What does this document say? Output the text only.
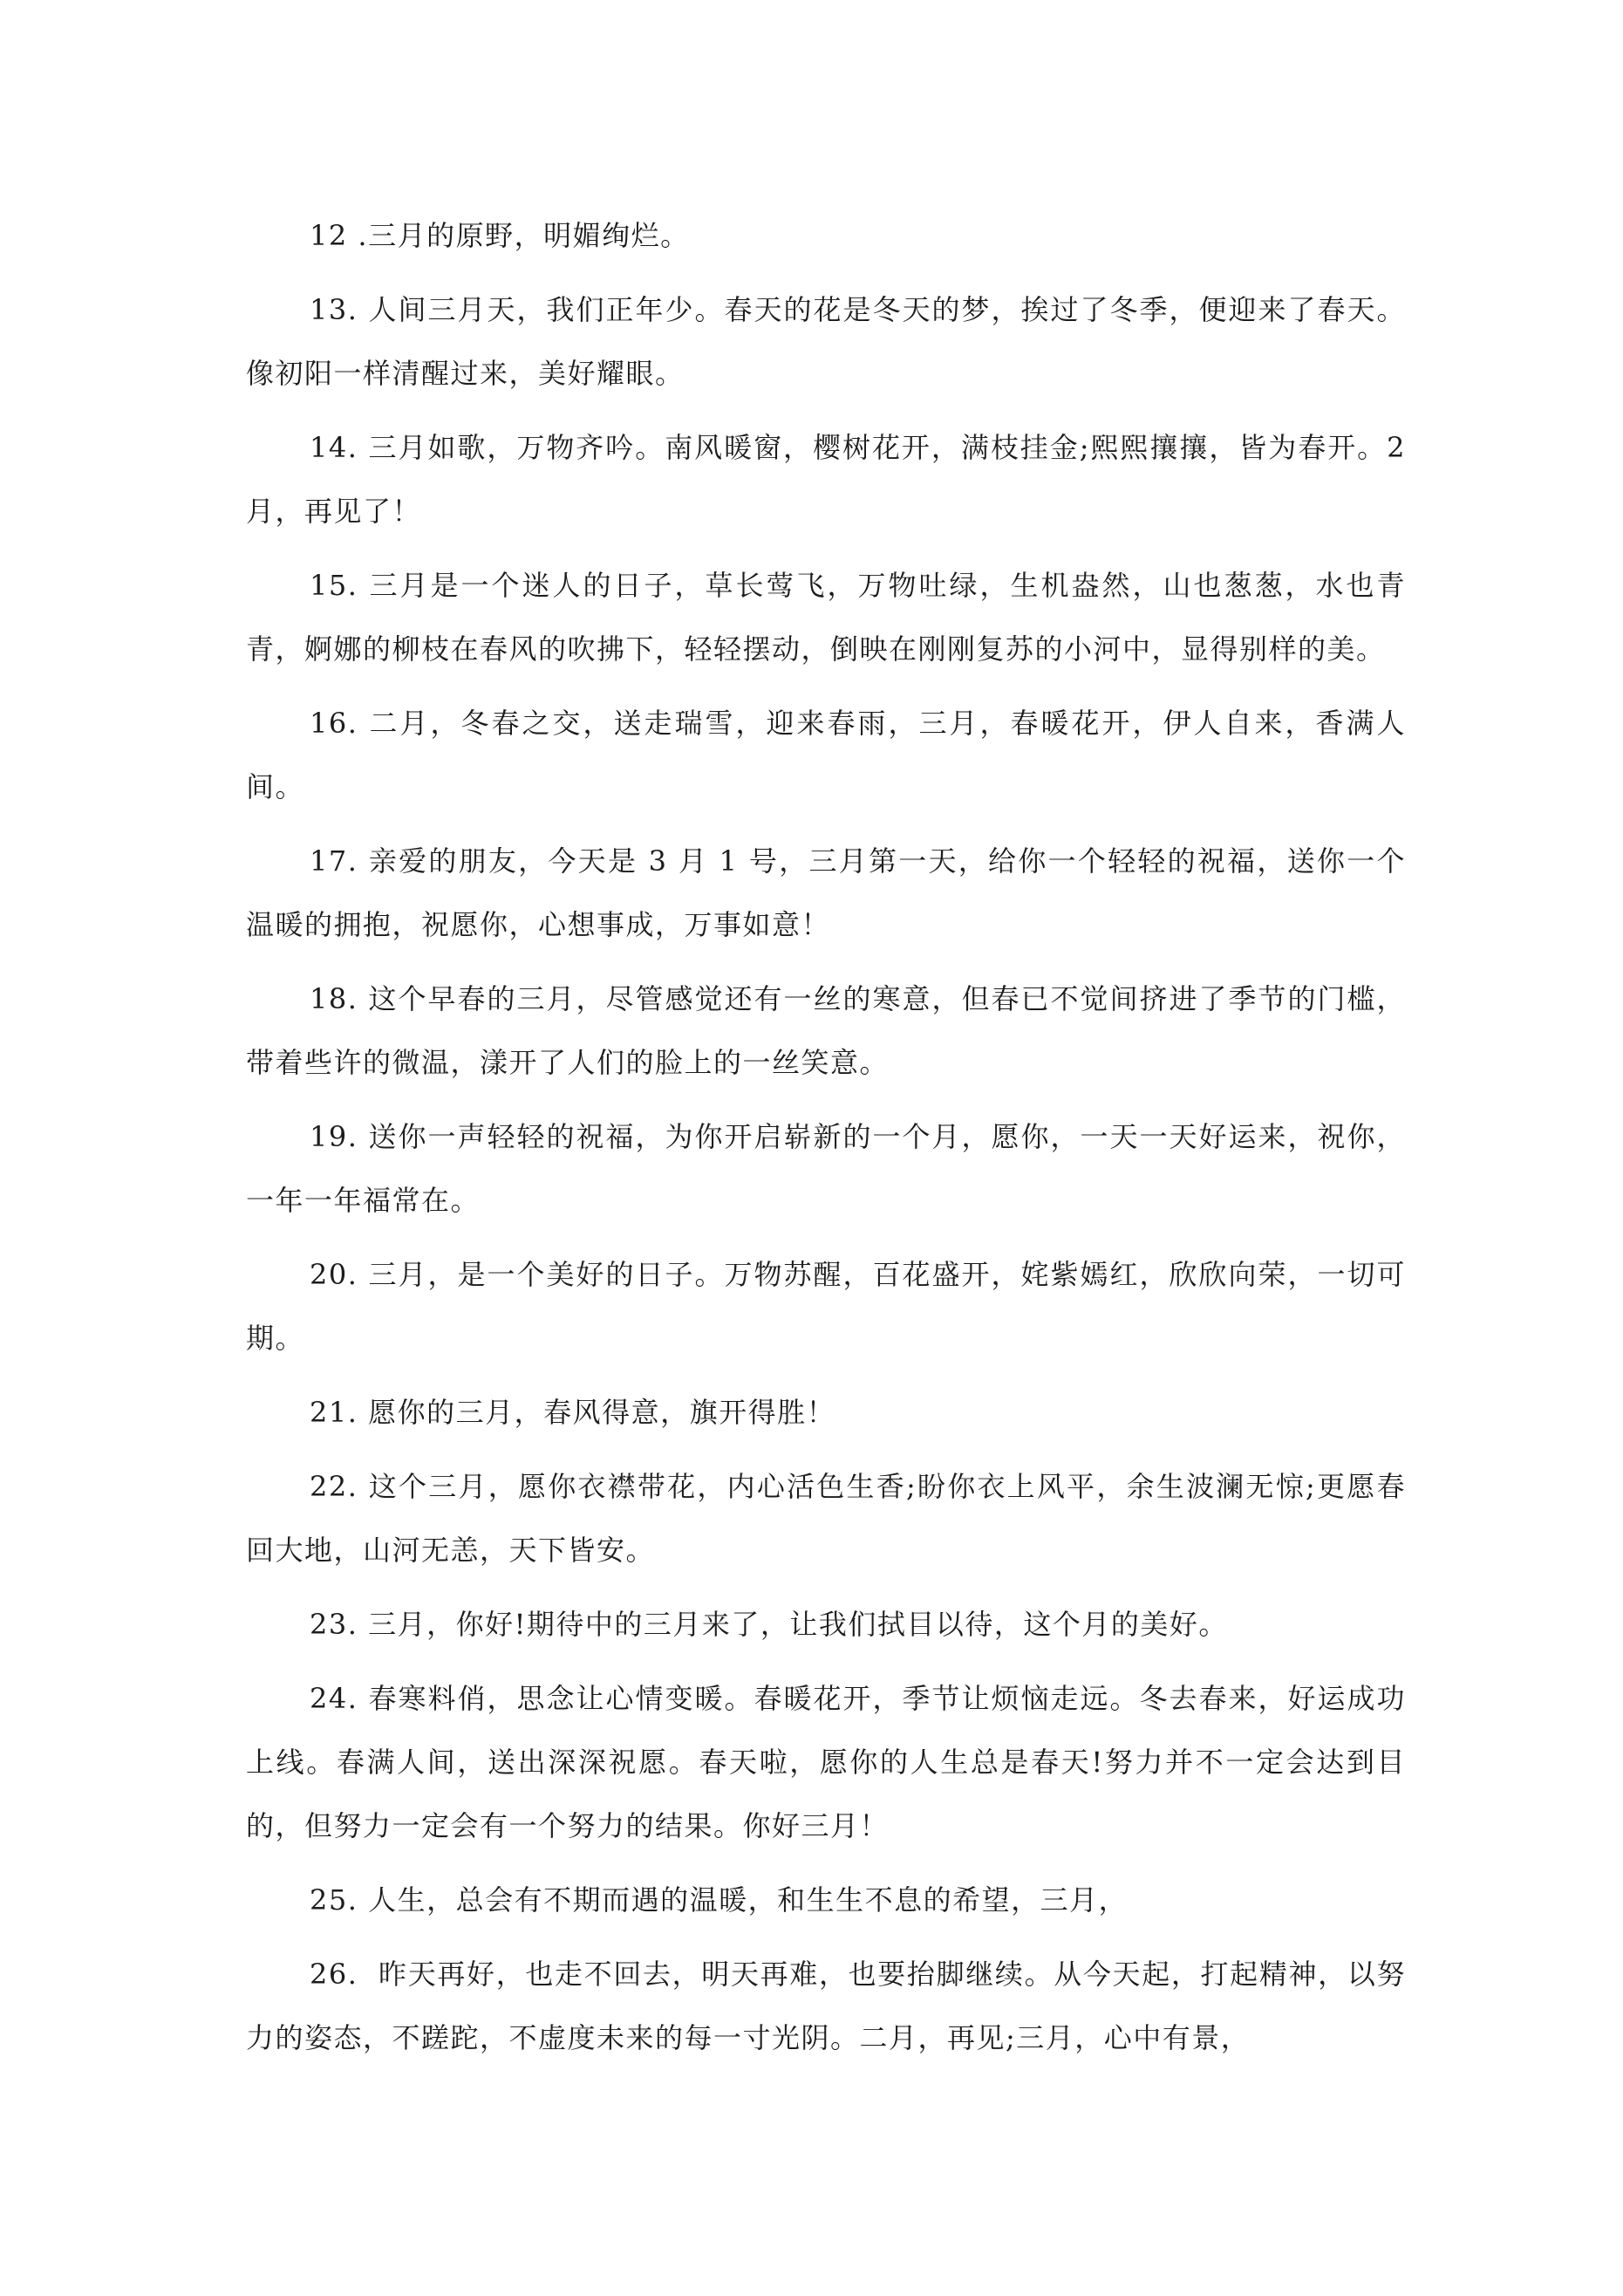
12 .三月的原野，明媚绚烂。

13. 人间三月天，我们正年少。春天的花是冬天的梦，挨过了冬季，便迎来了春天。像初阳一样清醒过来，美好耀眼。

14. 三月如歌，万物齐吟。南风暖窗，樱树花开，满枝挂金;熙熙攘攘，皆为春开。2 月，再见了！

15. 三月是一个迷人的日子，草长莺飞，万物吐绿，生机盎然，山也葱葱，水也青青，婀娜的柳枝在春风的吹拂下，轻轻摆动，倒映在刚刚复苏的小河中，显得别样的美。

16. 二月，冬春之交，送走瑞雪，迎来春雨，三月，春暖花开，伊人自来，香满人间。

17. 亲爱的朋友，今天是 3 月 1 号，三月第一天，给你一个轻轻的祝福，送你一个温暖的拥抱，祝愿你，心想事成，万事如意！

18. 这个早春的三月，尽管感觉还有一丝的寒意，但春已不觉间挤进了季节的门槛，带着些许的微温，漾开了人们的脸上的一丝笑意。

19. 送你一声轻轻的祝福，为你开启崭新的一个月，愿你，一天一天好运来，祝你，一年一年福常在。

20. 三月，是一个美好的日子。万物苏醒，百花盛开，姹紫嫣红，欣欣向荣，一切可期。

21. 愿你的三月，春风得意，旗开得胜！

22. 这个三月，愿你衣襟带花，内心活色生香;盼你衣上风平，余生波澜无惊;更愿春回大地，山河无恙，天下皆安。

23. 三月，你好!期待中的三月来了，让我们拭目以待，这个月的美好。

24. 春寒料俏，思念让心情变暖。春暖花开，季节让烦恼走远。冬去春来，好运成功上线。春满人间，送出深深祝愿。春天啦，愿你的人生总是春天!努力并不一定会达到目的，但努力一定会有一个努力的结果。你好三月！

25. 人生，总会有不期而遇的温暖，和生生不息的希望，三月，

26.  昨天再好，也走不回去，明天再难，也要抬脚继续。从今天起，打起精神，以努力的姿态，不蹉跎，不虚度未来的每一寸光阴。二月，再见;三月，心中有景，
